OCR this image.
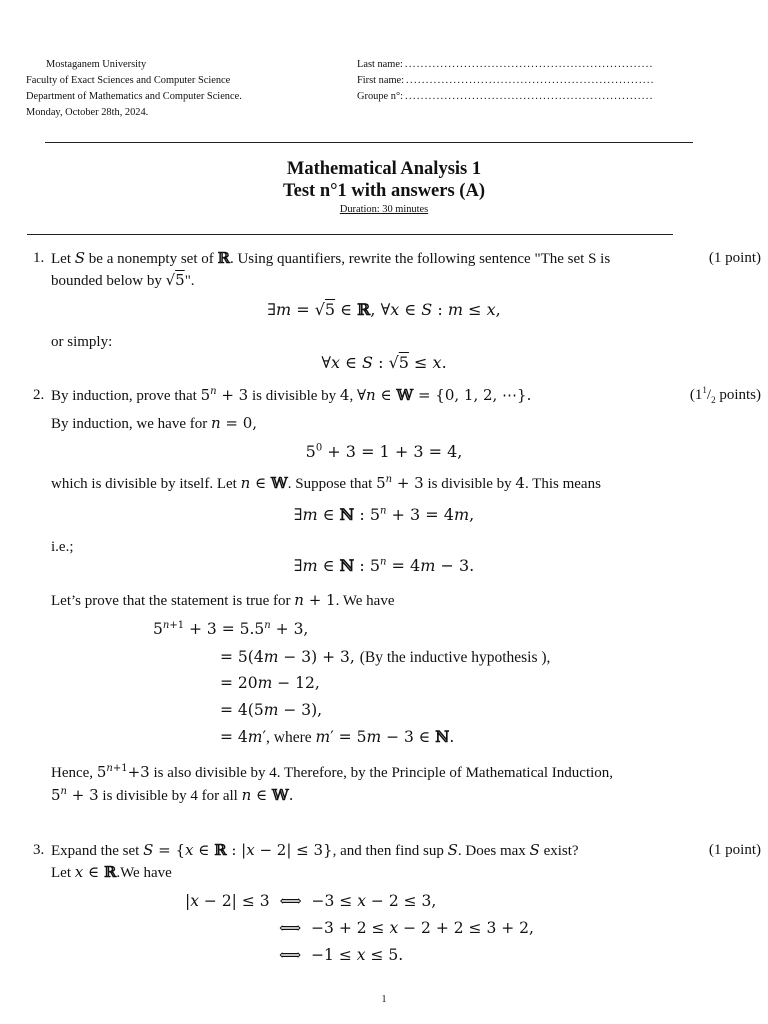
Mostaganem University
Faculty of Exact Sciences and Computer Science
Department of Mathematics and Computer Science.
Monday, October 28th, 2024.
Last name: ...............................................................
First name: ...............................................................
Groupe n°: ...............................................................
Mathematical Analysis 1
Test n°1 with answers (A)
Duration: 30 minutes
1. Let S be a nonempty set of ℝ. Using quantifiers, rewrite the following sentence "The set S is	(1 point)
bounded below by √5".
∃m = √5 ∈ ℝ, ∀x ∈ S : m ≤ x,
or simply:
∀x ∈ S : √5 ≤ x.
2. By induction, prove that $5^n + 3$ is divisible by 4, ∀n ∈ 𝕎 = {0, 1, 2, ⋯}.	($1^1/_2$ points)
By induction, we have for n = 0,
$5^0 + 3 = 1 + 3 = 4$,
which is divisible by itself. Let n ∈ 𝕎. Suppose that $5^n + 3$ is divisible by 4. This means
∃m ∈ ℕ : $5^n + 3 = 4m$,
i.e.;
∃m ∈ ℕ : $5^n = 4m - 3$.
Let’s prove that the statement is true for n + 1. We have
$5^{n+1} + 3 = 5.5^n + 3$,
= 5(4m − 3) + 3, (By the inductive hypothesis ),
= 20m − 12,
= 4(5m − 3),
= 4m′, where m′ = 5m − 3 ∈ ℕ.
Hence, $5^{n+1}+3$ is also divisible by 4. Therefore, by the Principle of Mathematical Induction,
$5^n + 3$ is divisible by 4 for all n ∈ 𝕎.
3. Expand the set S = {x ∈ ℝ : |x − 2| ≤ 3}, and then find sup S. Does max S exist?	(1 point)
Let x ∈ ℝ.We have
|x − 2| ≤ 3  ⟺  −3 ≤ x − 2 ≤ 3,
⟺  −3 + 2 ≤ x − 2 + 2 ≤ 3 + 2,
⟺  −1 ≤ x ≤ 5.
1
